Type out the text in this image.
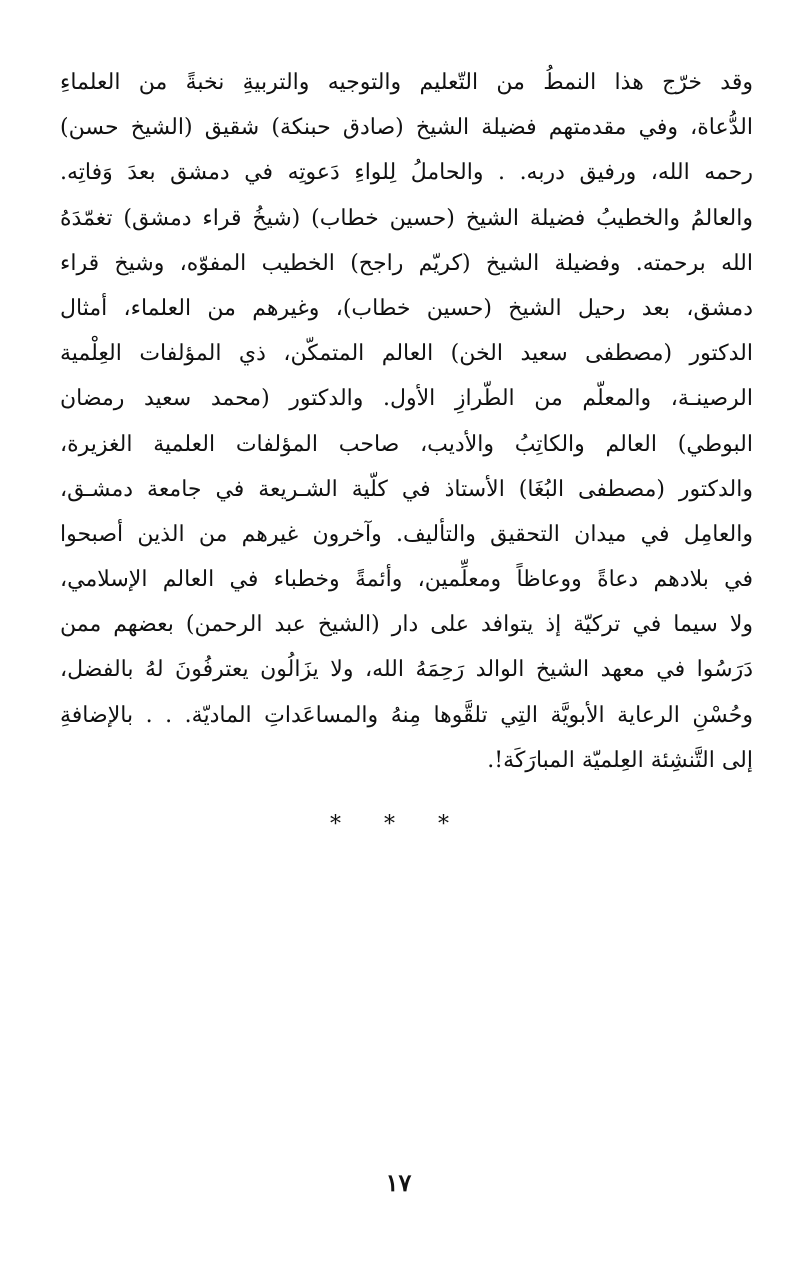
وقد خرّج هذا النمطُ من التّعليم والتوجيه والتربيةِ نخبةً من العلماءِ
الدُّعاة، وفي مقدمتهم فضيلة الشيخ (صادق حبنكة) شقيق (الشيخ حسن)
رحمه الله، ورفيق دربه. . والحاملُ لِلواءِ دَعوتِه في دمشق بعدَ وَفاتِه.
والعالمُ والخطيبُ فضيلة الشيخ (حسين خطاب) (شيخُ قراء دمشق) تغمّدَهُ
الله برحمته. وفضيلة الشيخ (كريّم راجح) الخطيب المفوّه، وشيخ قراء
دمشق، بعد رحيل الشيخ (حسين خطاب)، وغيرهم من العلماء، أمثال
الدكتور (مصطفى سعيد الخن) العالم المتمكّن، ذي المؤلفات العِلْمية
الرصينـة، والمعلّم من الطّرازِ الأول. والدكتور (محمد سعيد رمضان
البوطي) العالم والكاتِبُ والأديب، صاحب المؤلفات العلمية الغزيرة،
والدكتور (مصطفى البُغَا) الأستاذ في كلّية الشـريعة في جامعة دمشـق،
والعامِل في ميدان التحقيق والتأليف. وآخرون غيرهم من الذين أصبحوا
في بلادهم دعاةً ووعاظاً ومعلِّمين، وأئمةً وخطباء في العالم الإسلامي،
ولا سيما في تركيّة إذ يتوافد على دار (الشيخ عبد الرحمن) بعضهم ممن
دَرَسُوا في معهد الشيخ الوالد رَحِمَهُ الله، ولا يزَالُون يعترفُونَ لهُ بالفضل،
وحُسْنِ الرعاية الأبويَّة التِي تلقَّوها مِنهُ والمساعَداتِ الماديّة. . . بالإضافةِ
إلى التَّنشِئة العِلميّة المبارَكَة!.
* * *
١٧
